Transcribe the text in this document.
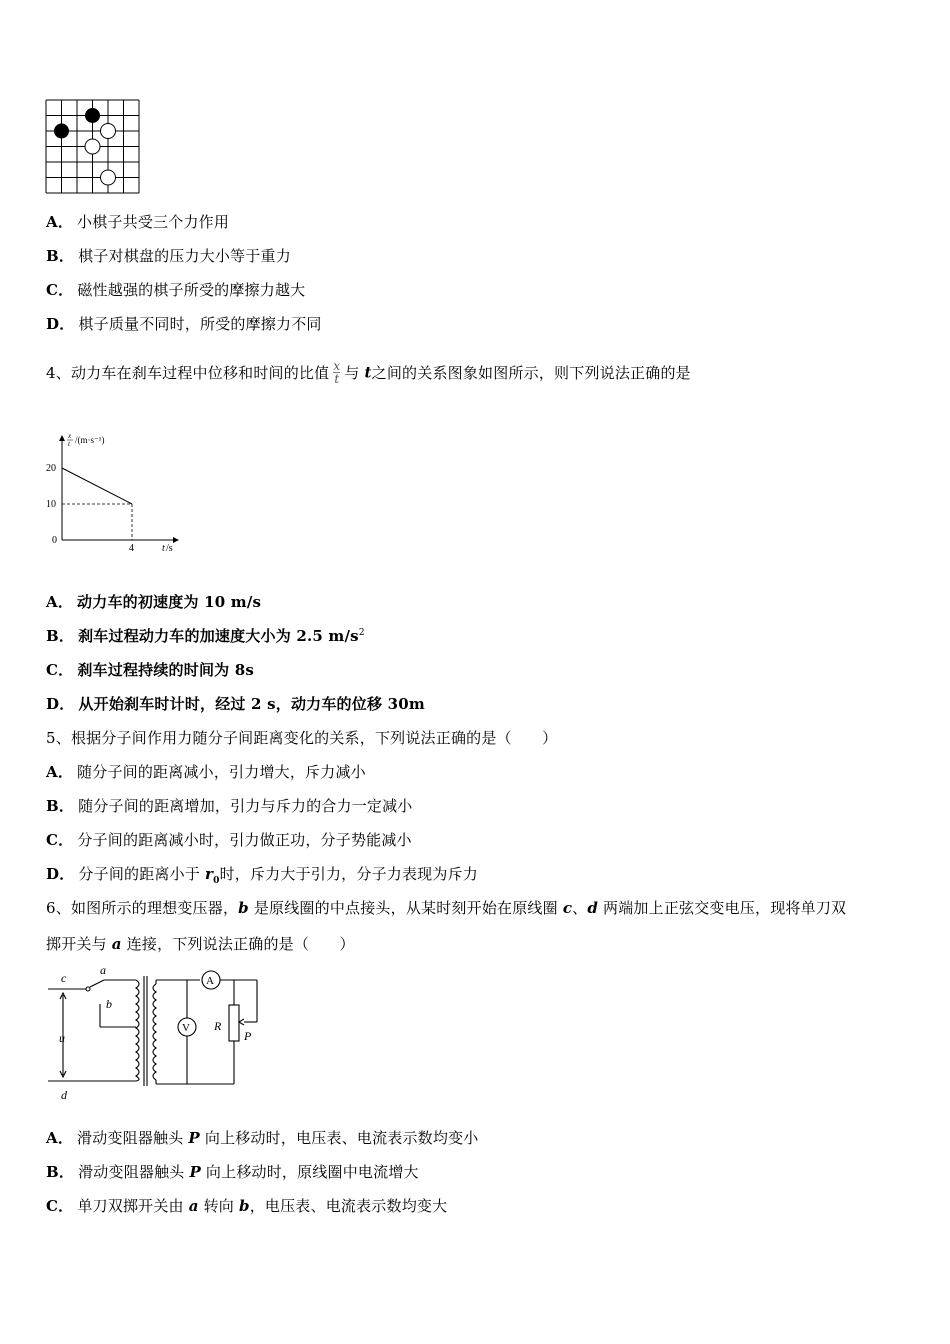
A． 小棋子共受三个力作用
B． 棋子对棋盘的压力大小等于重力
C． 磁性越强的棋子所受的摩擦力越大
D． 棋子质量不同时，所受的摩擦力不同
4、动力车在刹车过程中位移和时间的比值 $\frac{x}{t}$ 与 t之间的关系图象如图所示，则下列说法正确的是
x
t /(m·s⁻¹)
20
10
0
4	t /s
A． 动力车的初速度为 10 m/s
B． 刹车过程动力车的加速度大小为 2.5 $m/s^2$
C． 刹车过程持续的时间为 8s
D． 从开始刹车时计时，经过 2 s，动力车的位移 30m
5、根据分子间作用力随分子间距离变化的关系，下列说法正确的是（　　）
A． 随分子间的距离减小，引力增大，斥力减小
B． 随分子间的距离增加，引力与斥力的合力一定减小
C． 分子间的距离减小时，引力做正功，分子势能减小
D． 分子间的距离小于 $r_0$时，斥力大于引力，分子力表现为斥力
6、如图所示的理想变压器，b 是原线圈的中点接头，从某时刻开始在原线圈 c、d 两端加上正弦交变电压，现将单刀双
掷开关与 a 连接，下列说法正确的是（　　）
c
a
b
u
d
A
V R
P
A． 滑动变阻器触头 P 向上移动时，电压表、电流表示数均变小
B． 滑动变阻器触头 P 向上移动时，原线圈中电流增大
C． 单刀双掷开关由 a 转向 b，电压表、电流表示数均变大
